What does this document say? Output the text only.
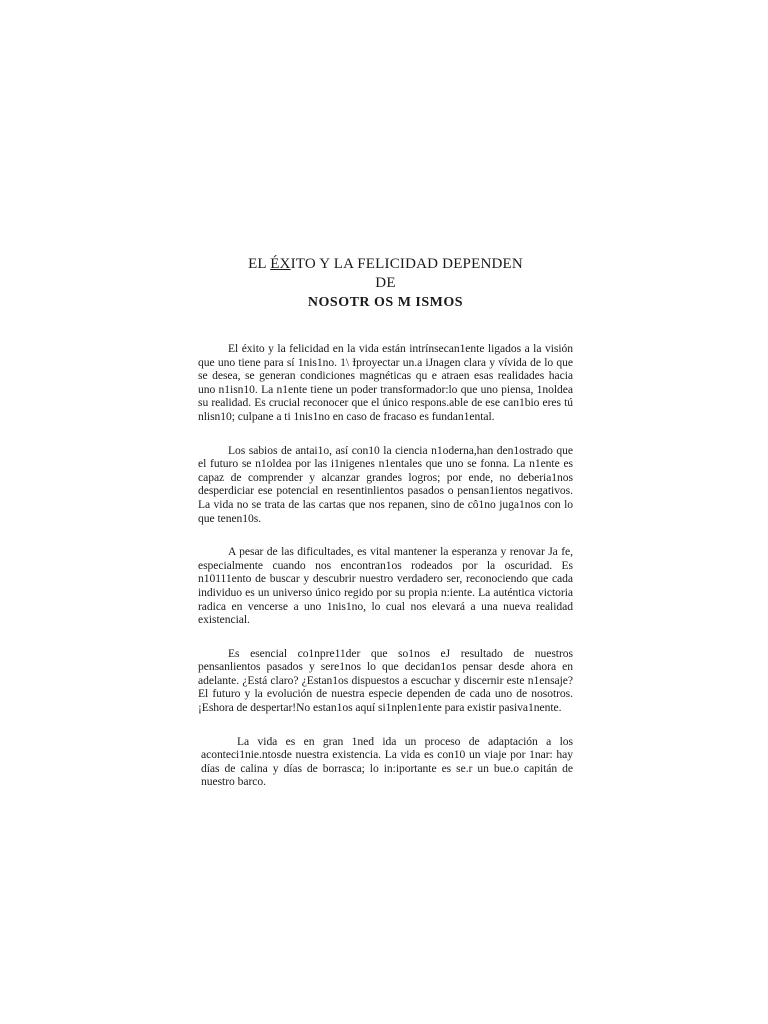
EL ÉXITO Y LA FELICIDAD DEPENDEN
DE
NOSOTR OS M ISMOS

El éxito y la felicidad en la vida están intrínsecan1ente ligados a la visión que uno tiene para sí 1nis1no. 1\ Ɨproyectar un.a iJnagen clara y vívida de lo que se desea, se generan condiciones magnéticas qu e atraen esas realidades hacia uno n1isn10. La n1ente tiene un poder transformador:lo que uno piensa, 1noldea su realidad. Es crucial reconocer que el único respons.able de ese can1bio eres tú nlisn10; culpane a ti 1nis1no en caso de fracaso es fundan1ental.

Los sabios de antai1o, así con10 la ciencia n1oderna,han den1ostrado que el futuro se n1oldea por las i1nigenes n1entales que uno se fonna. La n1ente es capaz de comprender y alcanzar grandes logros; por ende, no deberia1nos desperdiciar ese potencial en resentinlientos pasados o pensan1ientos negativos. La vida no se trata de las cartas que nos repanen, sino de cô1no juga1nos con lo que tenen10s.

A pesar de las dificultades, es vital mantener la esperanza y renovar Ja fe, especialmente cuando nos encontran1os rodeados por la oscuridad. Es n10111ento de buscar y descubrir nuestro verdadero ser, reconociendo que cada individuo es un universo único regido por su propia n:iente. La auténtica victoria radica en vencerse a uno 1nis1no, lo cual nos elevará a una nueva realidad existencial.

Es esencial co1npre11der que so1nos eJ resultado de nuestros pensanlientos pasados y sere1nos lo que decidan1os pensar desde ahora en adelante. ¿Está claro? ¿Estan1os dispuestos a escuchar y discernir este n1ensaje? El futuro y la evolución de nuestra especie dependen de cada uno de nosotros. ¡Eshora de despertar!No estan1os aquí si1nplen1ente para existir pasiva1nente.

La vida es en gran 1ned ida un proceso de adaptación a los aconteci1nie.ntosde nuestra existencia. La vida es con10 un viaje por 1nar: hay días de calina y días de borrasca; lo in:iportante es se.r un bue.o capitán de nuestro barco.
